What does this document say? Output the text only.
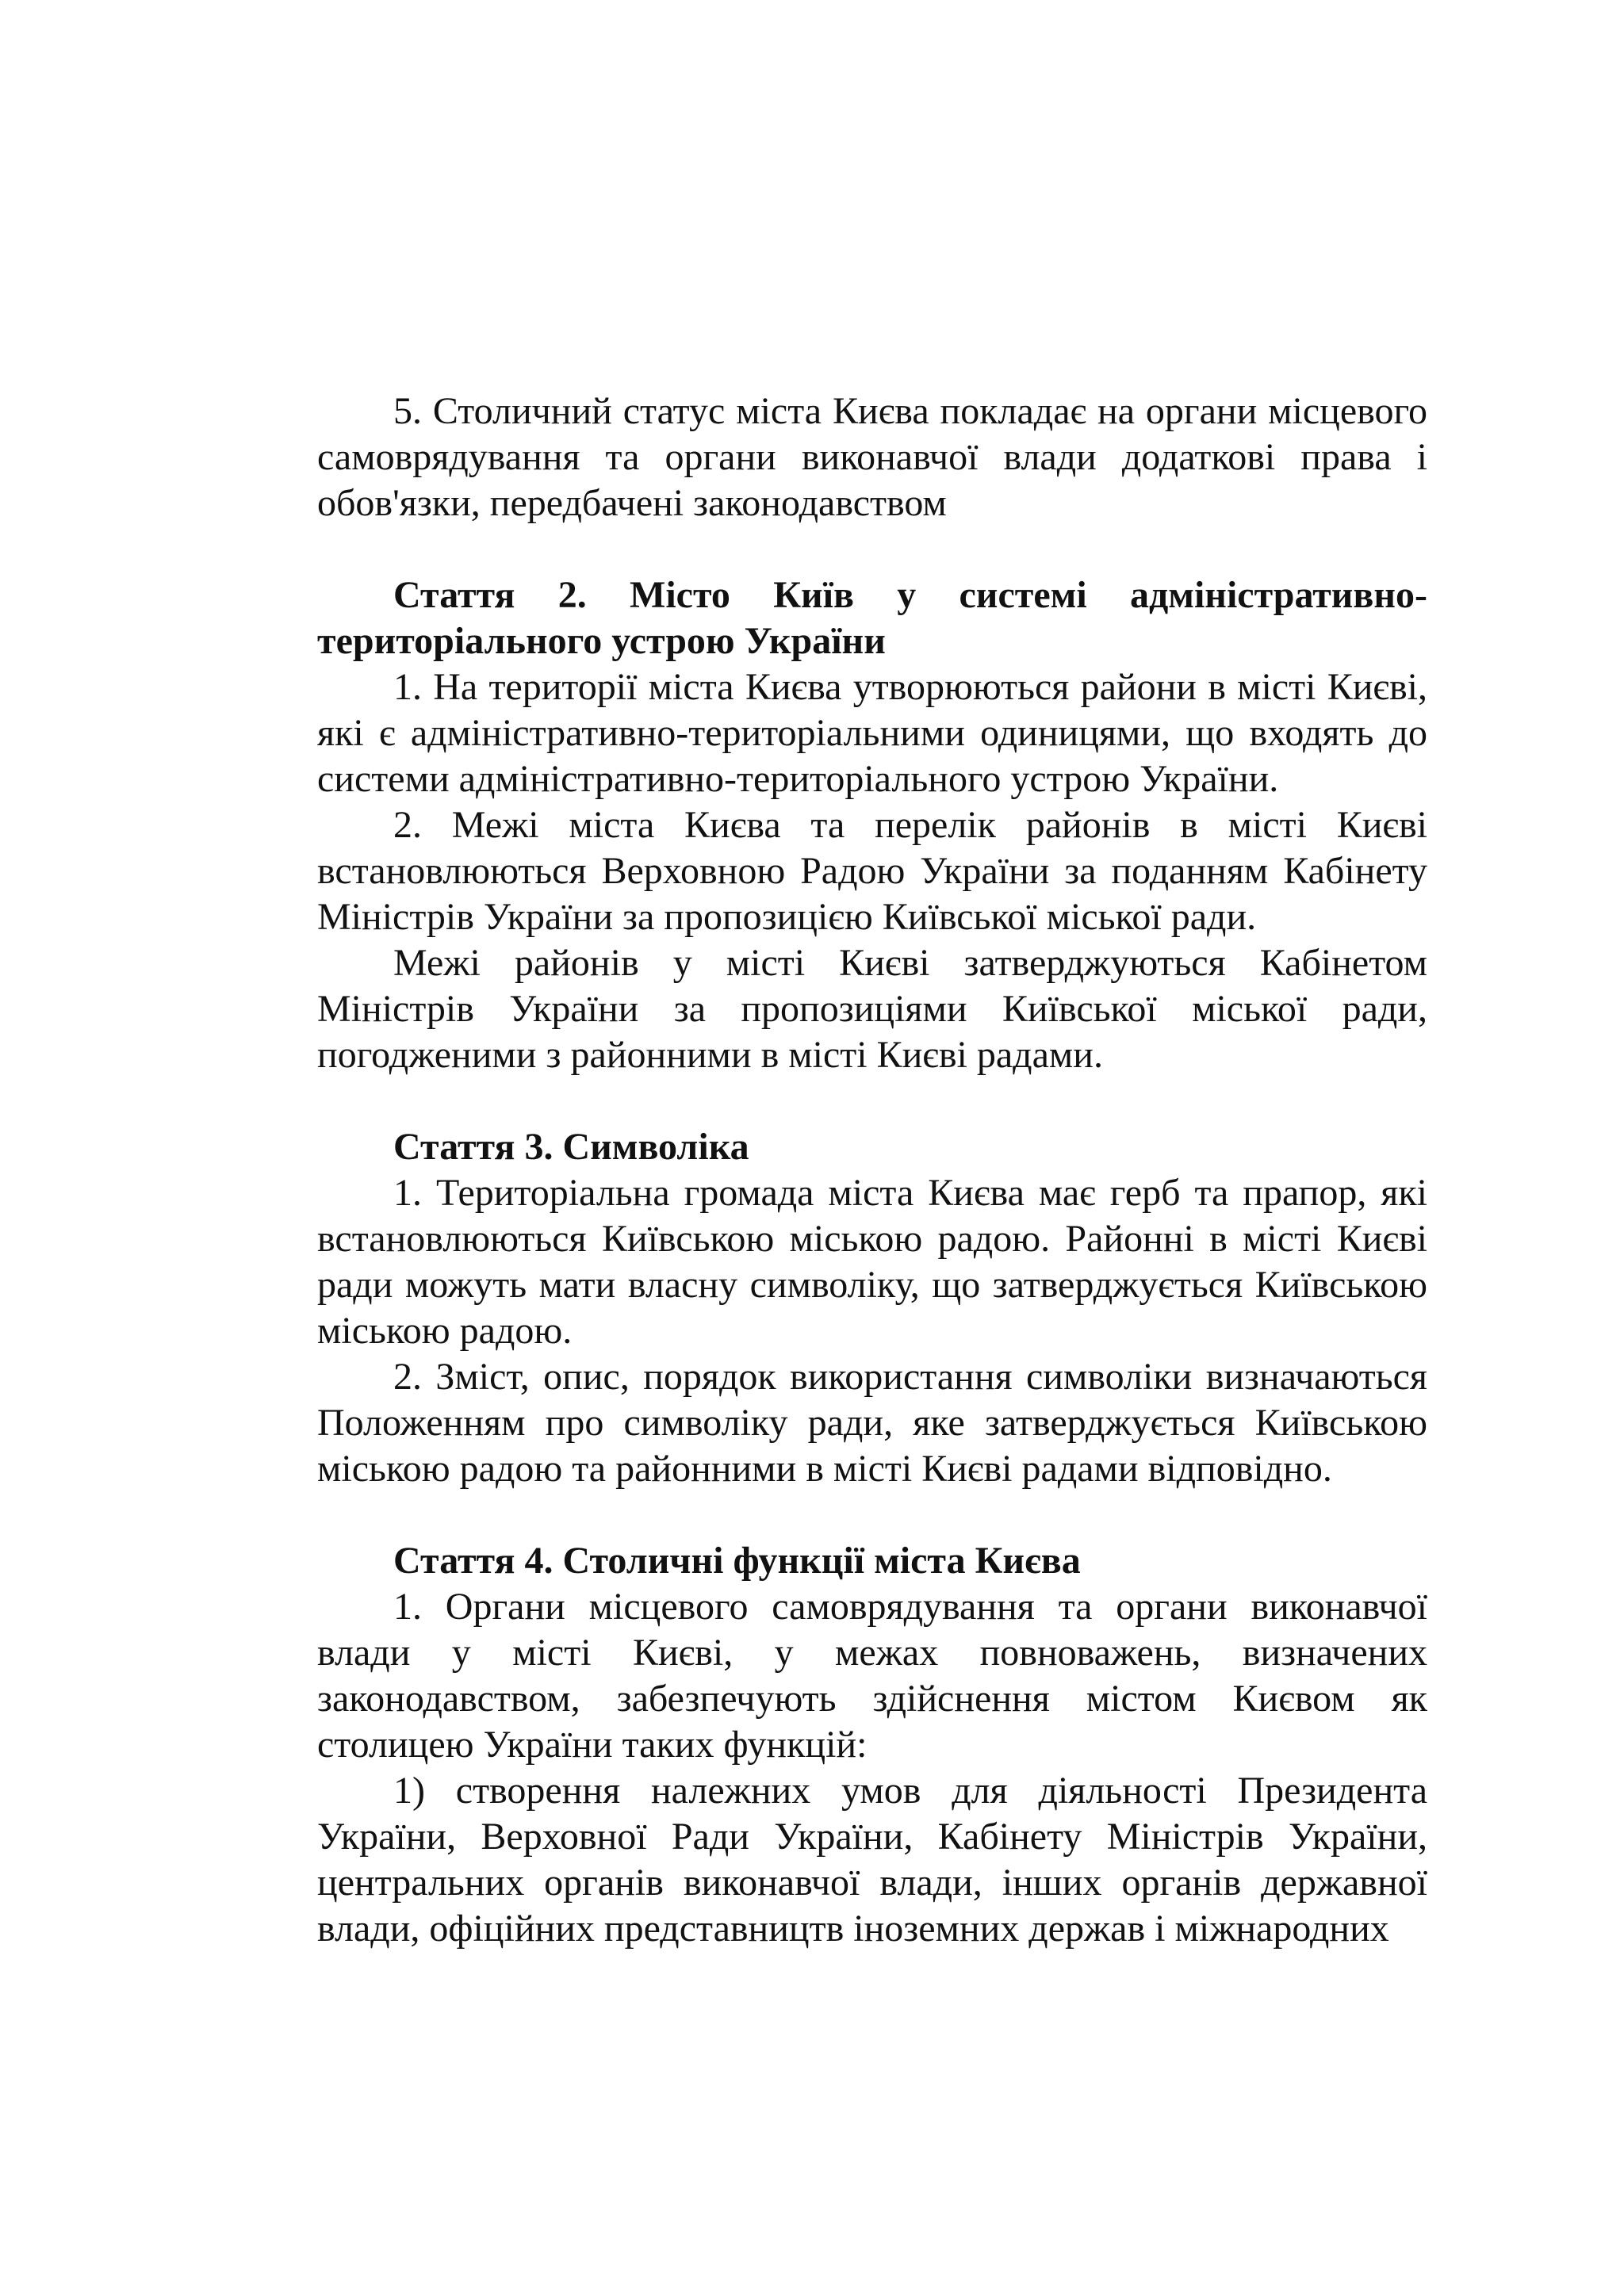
5. Столичний статус міста Києва покладає на органи місцевого самоврядування та органи виконавчої влади додаткові права і обов'язки, передбачені законодавством

Стаття 2. Місто Київ у системі адміністративно-територіального устрою України

1. На території міста Києва утворюються райони в місті Києві, які є адміністративно-територіальними одиницями, що входять до системи адміністративно-територіального устрою України.

2. Межі міста Києва та перелік районів в місті Києві встановлюються Верховною Радою України за поданням Кабінету Міністрів України за пропозицією Київської міської ради.

Межі районів у місті Києві затверджуються Кабінетом Міністрів України за пропозиціями Київської міської ради, погодженими з районними в місті Києві радами.

Стаття 3. Символіка

1. Територіальна громада міста Києва має герб та прапор, які встановлюються Київською міською радою. Районні в місті Києві ради можуть мати власну символіку, що затверджується Київською міською радою.

2. Зміст, опис, порядок використання символіки визначаються Положенням про символіку ради, яке затверджується Київською міською радою та районними в місті Києві радами відповідно.

Стаття 4. Столичні функції міста Києва

1. Органи місцевого самоврядування та органи виконавчої влади у місті Києві, у межах повноважень, визначених законодавством, забезпечують здійснення містом Києвом як столицею України таких функцій:

1) створення належних умов для діяльності Президента України, Верховної Ради України, Кабінету Міністрів України, центральних органів виконавчої влади, інших органів державної влади, офіційних представництв іноземних держав і міжнародних
